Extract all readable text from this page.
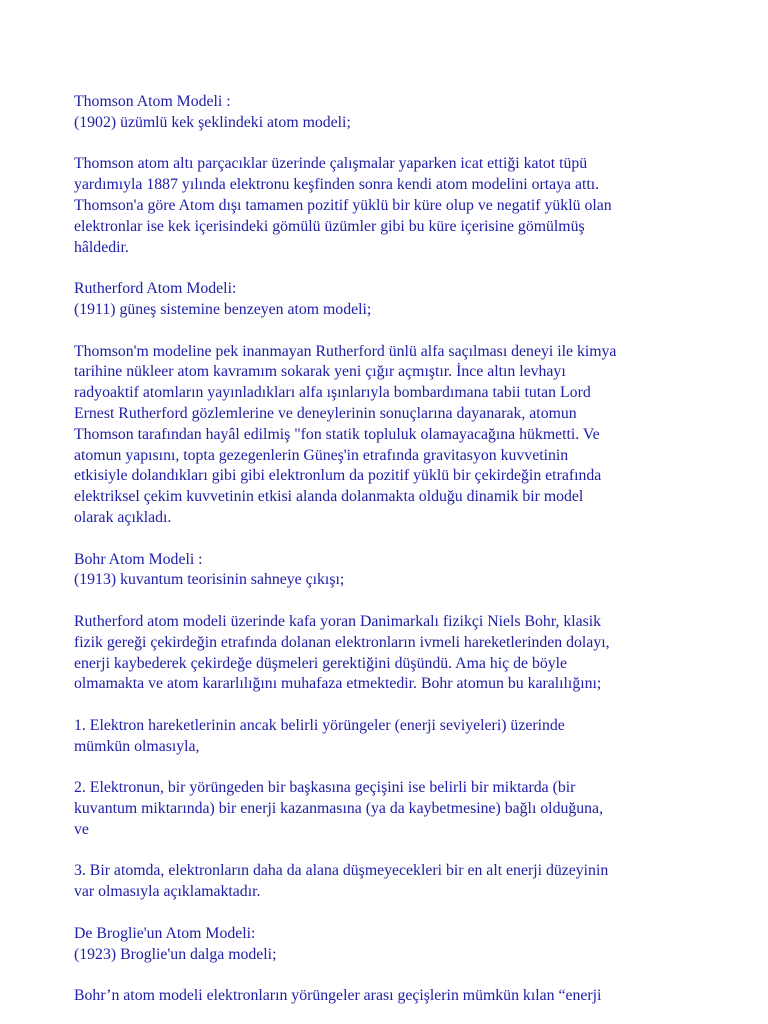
Thomson Atom Modeli :
(1902) üzümlü kek şeklindeki atom modeli;
Thomson atom altı parçacıklar üzerinde çalışmalar yaparken icat ettiği katot tüpü
yardımıyla 1887 yılında elektronu keşfinden sonra kendi atom modelini ortaya attı.
Thomson'a göre Atom dışı tamamen pozitif yüklü bir küre olup ve negatif yüklü olan
elektronlar ise kek içerisindeki gömülü üzümler gibi bu küre içerisine gömülmüş
hâldedir.
Rutherford Atom Modeli:
(1911) güneş sistemine benzeyen atom modeli;
Thomson'm modeline pek inanmayan Rutherford ünlü alfa saçılması deneyi ile kimya
tarihine nükleer atom kavramım sokarak yeni çığır açmıştır. İnce altın levhayı
radyoaktif atomların yayınladıkları alfa ışınlarıyla bombardımana tabii tutan Lord
Ernest Rutherford gözlemlerine ve deneylerinin sonuçlarına dayanarak, atomun
Thomson tarafından hayâl edilmiş "fon statik topluluk olamayacağına hükmetti. Ve
atomun yapısını, topta gezegenlerin Güneş'in etrafında gravitasyon kuvvetinin
etkisiyle dolandıkları gibi gibi elektronlum da pozitif yüklü bir çekirdeğin etrafında
elektriksel çekim kuvvetinin etkisi alanda dolanmakta olduğu dinamik bir model
olarak açıkladı.
Bohr Atom Modeli :
(1913) kuvantum teorisinin sahneye çıkışı;
Rutherford atom modeli üzerinde kafa yoran Danimarkalı fizikçi Niels Bohr, klasik
fizik gereği çekirdeğin etrafında dolanan elektronların ivmeli hareketlerinden dolayı,
enerji kaybederek çekirdeğe düşmeleri gerektiğini düşündü. Ama hiç de böyle
olmamakta ve atom kararlılığını muhafaza etmektedir. Bohr atomun bu karalılığını;
1. Elektron hareketlerinin ancak belirli yörüngeler (enerji seviyeleri) üzerinde
mümkün olmasıyla,
2. Elektronun, bir yörüngeden bir başkasına geçişini ise belirli bir miktarda (bir
kuvantum miktarında) bir enerji kazanmasına (ya da kaybetmesine) bağlı olduğuna,
ve
3. Bir atomda, elektronların daha da alana düşmeyecekleri bir en alt enerji düzeyinin
var olmasıyla açıklamaktadır.
De Broglie'un Atom Modeli:
(1923) Broglie'un dalga modeli;
Bohr’n atom modeli elektronların yörüngeler arası geçişlerin mümkün kılan “enerji
